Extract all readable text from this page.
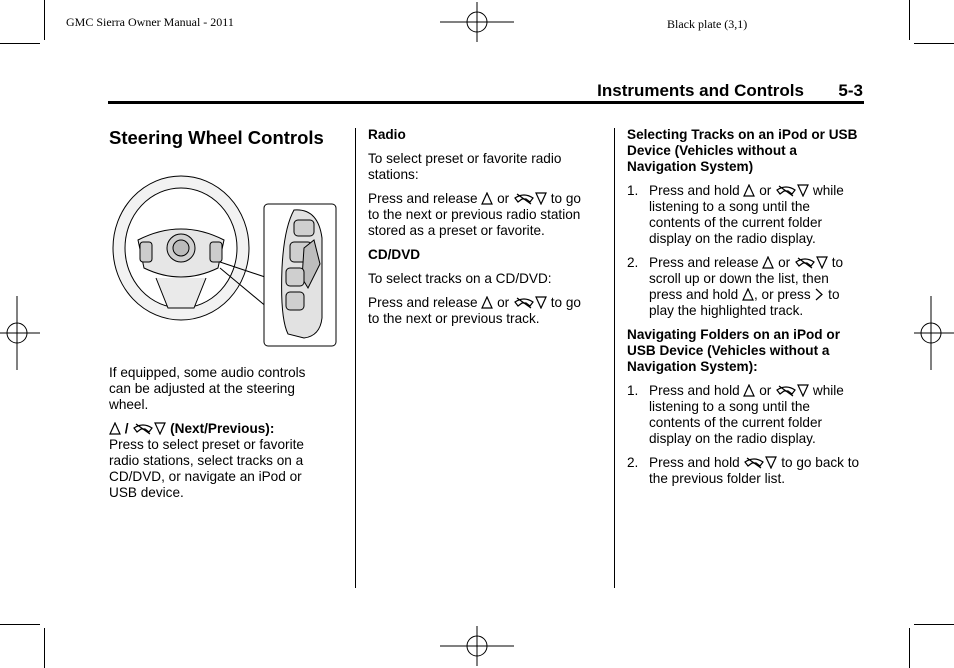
GMC Sierra Owner Manual - 2011	Black plate (3,1)
Instruments and Controls 5-3
Steering Wheel Controls

If equipped, some audio controls can be adjusted at the steering wheel.

/	(Next/Previous):

Press to select preset or favorite radio stations, select tracks on a CD/DVD, or navigate an iPod or USB device.

Radio

To select preset or favorite radio stations:

Press and release  or	to go to the next or previous radio station stored as a preset or favorite.

CD/DVD

To select tracks on a CD/DVD:

Press and release  or	to go to the next or previous track.

Selecting Tracks on an iPod or USB Device (Vehicles without a Navigation System)

1. Press and hold  or	while listening to a song until the contents of the current folder display on the radio display.
2. Press and release  or	to scroll up or down the list, then press and hold , or press  to play the highlighted track.

Navigating Folders on an iPod or USB Device (Vehicles without a Navigation System):

1. Press and hold  or	while listening to a song until the contents of the current folder display on the radio display.
2. Press and hold	to go back to the previous folder list.
